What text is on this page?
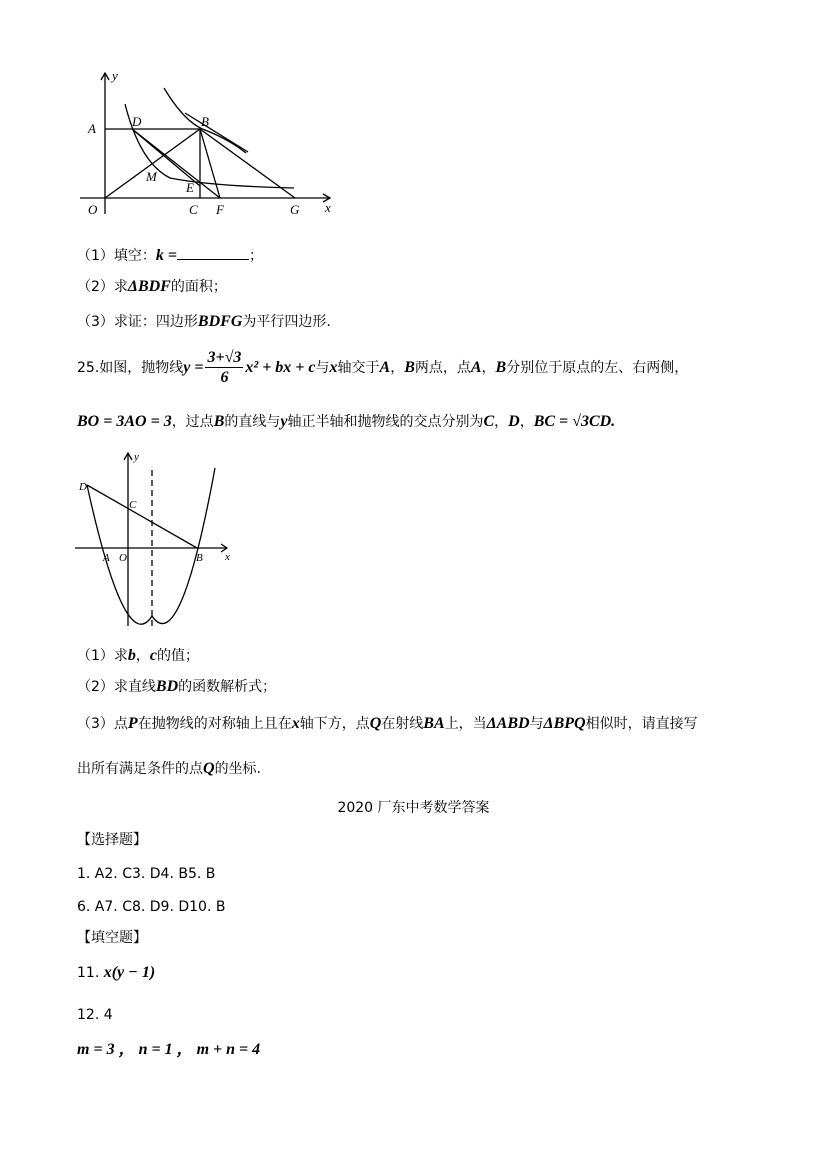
y
A	D	B
M
E
O	C F	G x
（1）填空：k =	；
（2）求ΔBDF的面积；
（3）求证：四边形BDFG为平行四边形.
25.如图，抛物线$y = \frac{3+√3}{6} x^2$ + bx + c与x轴交于A，B两点，点A，B分别位于原点的左、右两侧，
BO = 3AO = 3，过点B的直线与y轴正半轴和抛物线的交点分别为C，D，BC = √3CD.
y
D
C
A O	B x
（1）求b，c的值；
（2）求直线BD的函数解析式；
（3）点P在抛物线的对称轴上且在x轴下方，点Q在射线BA上，当ΔABD与ΔBPQ相似时，请直接写
出所有满足条件的点Q的坐标.
2020 厂东中考数学答案
【选择题】
1. A2. C3. D4. B5. B
6. A7. C8. D9. D10. B
【填空题】
11. x(y − 1)
12. 4
m = 3 ， n = 1 ， m + n = 4
